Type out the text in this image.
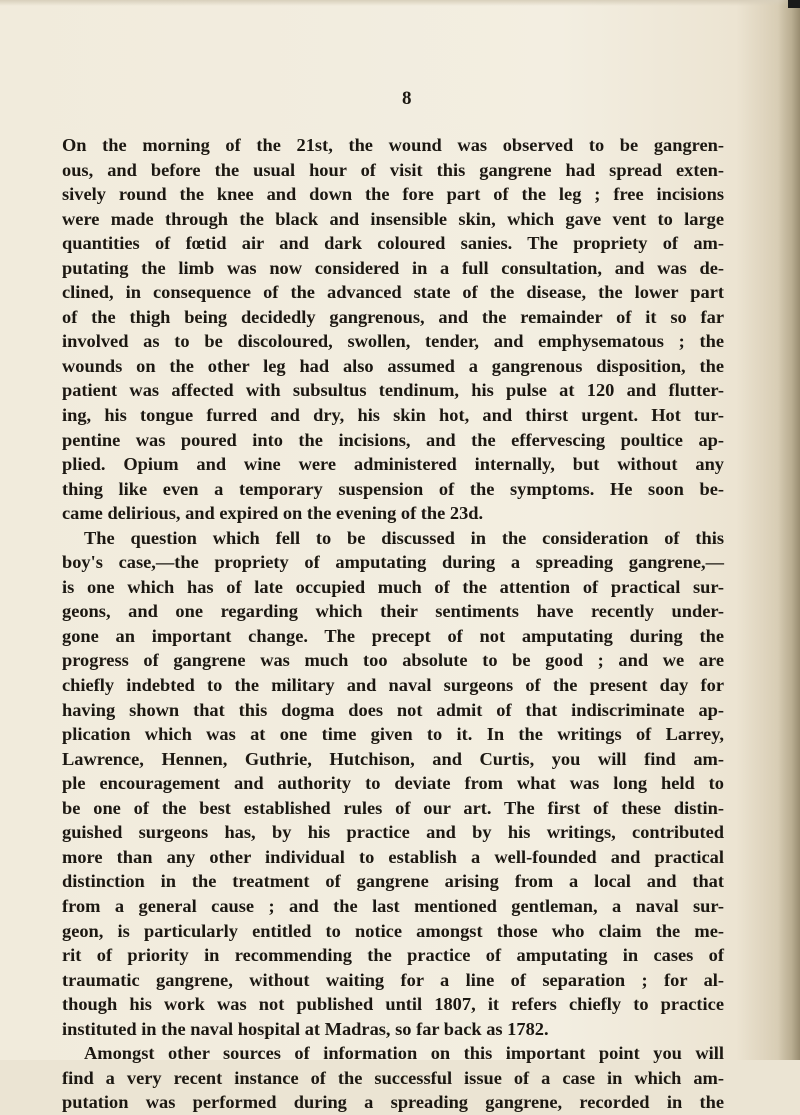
8

On the morning of the 21st, the wound was observed to be gangren-
ous, and before the usual hour of visit this gangrene had spread exten-
sively round the knee and down the fore part of the leg ; free incisions
were made through the black and insensible skin, which gave vent to large
quantities of fœtid air and dark coloured sanies. The propriety of am-
putating the limb was now considered in a full consultation, and was de-
clined, in consequence of the advanced state of the disease, the lower part
of the thigh being decidedly gangrenous, and the remainder of it so far
involved as to be discoloured, swollen, tender, and emphysematous ; the
wounds on the other leg had also assumed a gangrenous disposition, the
patient was affected with subsultus tendinum, his pulse at 120 and flutter-
ing, his tongue furred and dry, his skin hot, and thirst urgent. Hot tur-
pentine was poured into the incisions, and the effervescing poultice ap-
plied. Opium and wine were administered internally, but without any
thing like even a temporary suspension of the symptoms. He soon be-
came delirious, and expired on the evening of the 23d.
The question which fell to be discussed in the consideration of this
boy's case,—the propriety of amputating during a spreading gangrene,—
is one which has of late occupied much of the attention of practical sur-
geons, and one regarding which their sentiments have recently under-
gone an important change. The precept of not amputating during the
progress of gangrene was much too absolute to be good ; and we are
chiefly indebted to the military and naval surgeons of the present day for
having shown that this dogma does not admit of that indiscriminate ap-
plication which was at one time given to it. In the writings of Larrey,
Lawrence, Hennen, Guthrie, Hutchison, and Curtis, you will find am-
ple encouragement and authority to deviate from what was long held to
be one of the best established rules of our art. The first of these distin-
guished surgeons has, by his practice and by his writings, contributed
more than any other individual to establish a well-founded and practical
distinction in the treatment of gangrene arising from a local and that
from a general cause ; and the last mentioned gentleman, a naval sur-
geon, is particularly entitled to notice amongst those who claim the me-
rit of priority in recommending the practice of amputating in cases of
traumatic gangrene, without waiting for a line of separation ; for al-
though his work was not published until 1807, it refers chiefly to practice
instituted in the naval hospital at Madras, so far back as 1782.
Amongst other sources of information on this important point you will
find a very recent instance of the successful issue of a case in which am-
putation was performed during a spreading gangrene, recorded in the
